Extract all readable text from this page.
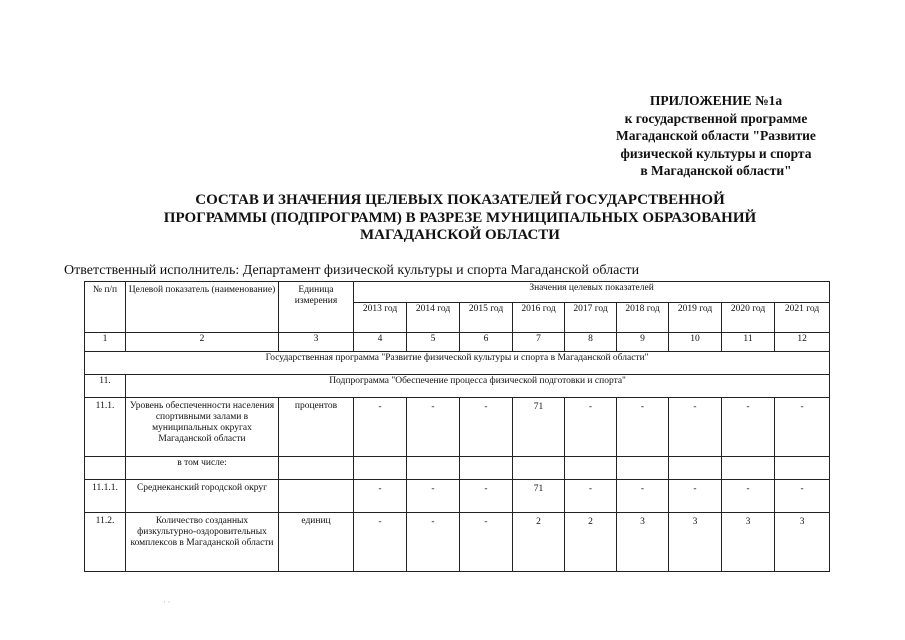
ПРИЛОЖЕНИЕ №1а
к государственной программе
Магаданской области "Развитие
физической культуры и спорта
в Магаданской области"
СОСТАВ И ЗНАЧЕНИЯ ЦЕЛЕВЫХ ПОКАЗАТЕЛЕЙ ГОСУДАРСТВЕННОЙ
ПРОГРАММЫ (ПОДПРОГРАММ) В РАЗРЕЗЕ МУНИЦИПАЛЬНЫХ ОБРАЗОВАНИЙ
МАГАДАНСКОЙ ОБЛАСТИ
Ответственный исполнитель: Департамент физической культуры и спорта Магаданской области
№ п/п	Целевой показатель (наименование)	Единица измерения	Значения целевых показателей								
			2013 год	2014 год	2015 год	2016 год	2017 год	2018 год	2019 год	2020 год	2021 год
1	2	3	4	5	6	7	8	9	10	11	12
Государственная программа "Развитие физической культуры и спорта в Магаданской области"											
11.	Подпрограмма "Обеспечение процесса физической подготовки и спорта"										
11.1.	Уровень обеспеченности населения спортивными залами в муниципальных округах Магаданской области	процентов	-	-	-	71	-	-	-	-	-
	в том числе:										
11.1.1.	Среднеканский городской округ		-	-	-	71	-	-	-	-	-
11.2.	Количество созданных физкультурно-оздоровительных комплексов в Магаданской области	единиц	-	-	-	2	2	3	3	3	3
· ·
